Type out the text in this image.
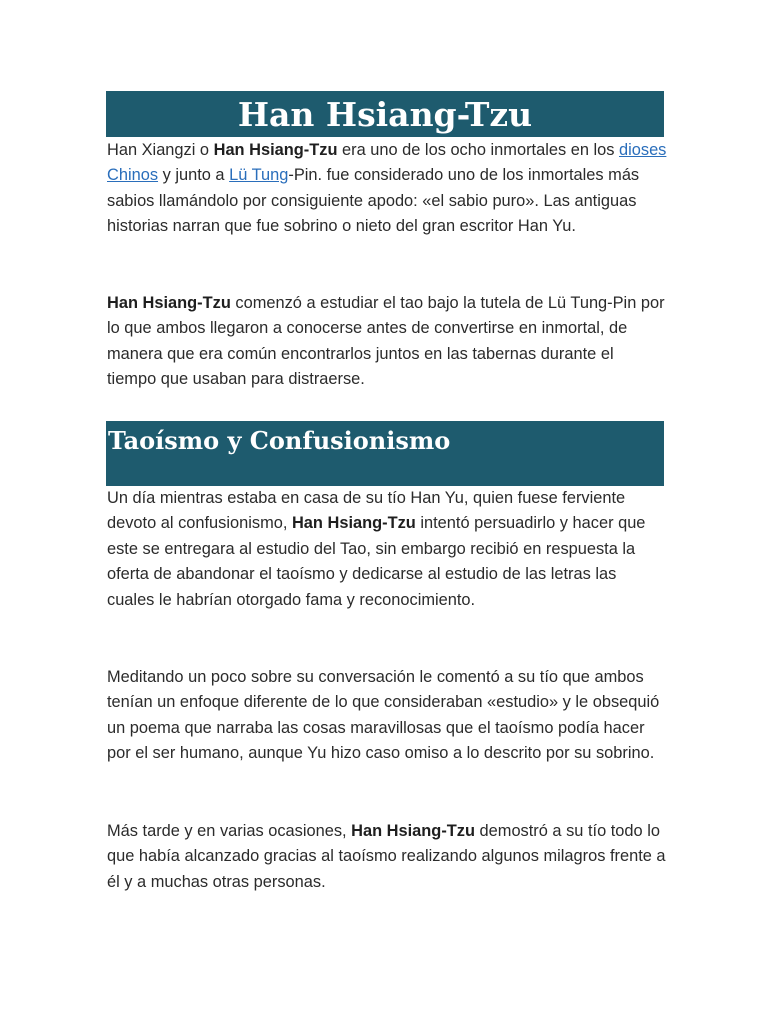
Han Hsiang-Tzu

Han Xiangzi o Han Hsiang-Tzu era uno de los ocho inmortales en los dioses Chinos y junto a Lü Tung-Pin. fue considerado uno de los inmortales más sabios llamándolo por consiguiente apodo: «el sabio puro». Las antiguas historias narran que fue sobrino o nieto del gran escritor Han Yu.

Han Hsiang-Tzu comenzó a estudiar el tao bajo la tutela de Lü Tung-Pin por lo que ambos llegaron a conocerse antes de convertirse en inmortal, de manera que era común encontrarlos juntos en las tabernas durante el tiempo que usaban para distraerse.

Taoísmo y Confusionismo

Un día mientras estaba en casa de su tío Han Yu, quien fuese ferviente devoto al confusionismo, Han Hsiang-Tzu intentó persuadirlo y hacer que este se entregara al estudio del Tao, sin embargo recibió en respuesta la oferta de abandonar el taoísmo y dedicarse al estudio de las letras las cuales le habrían otorgado fama y reconocimiento.

Meditando un poco sobre su conversación le comentó a su tío que ambos tenían un enfoque diferente de lo que consideraban «estudio» y le obsequió un poema que narraba las cosas maravillosas que el taoísmo podía hacer por el ser humano, aunque Yu hizo caso omiso a lo descrito por su sobrino.

Más tarde y en varias ocasiones, Han Hsiang-Tzu demostró a su tío todo lo que había alcanzado gracias al taoísmo realizando algunos milagros frente a él y a muchas otras personas.
